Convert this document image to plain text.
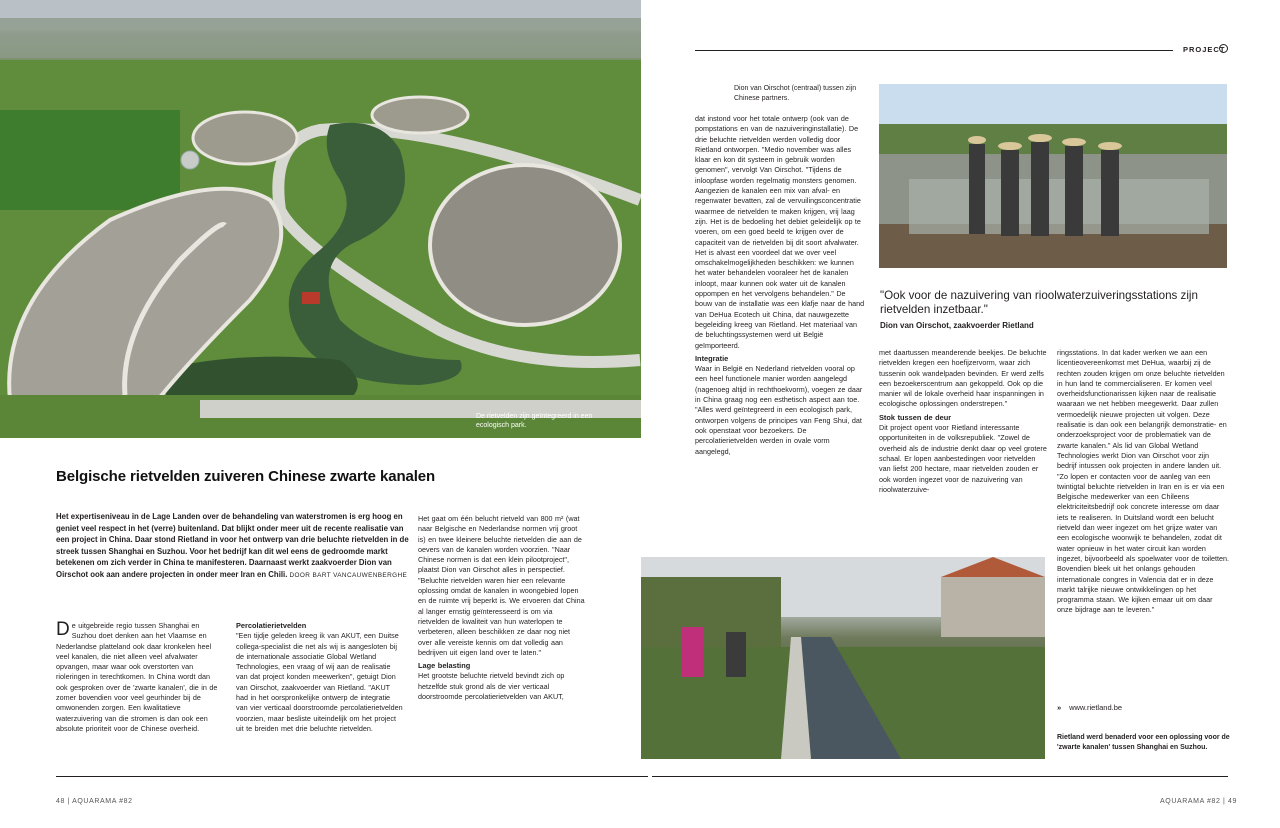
De rietvelden zijn geïntegreerd in een ecologisch park.
PROJECT
Belgische rietvelden zuiveren Chinese zwarte kanalen
Het expertiseniveau in de Lage Landen over de behandeling van waterstromen is erg hoog en geniet veel respect in het (verre) buitenland. Dat blijkt onder meer uit de recente realisatie van een project in China. Daar stond Rietland in voor het ontwerp van drie beluchte rietvelden in de streek tussen Shanghai en Suzhou. Voor het bedrijf kan dit wel eens de gedroomde markt betekenen om zich verder in China te manifesteren. Daarnaast werkt zaakvoerder Dion van Oirschot ook aan andere projecten in onder meer Iran en Chili. DOOR BART VANCAUWENBERGHE
D e uitgebreide regio tussen Shanghai en Suzhou doet denken aan het Vlaamse en Nederlandse platteland ook daar kronkelen heel veel kanalen, die niet alleen veel afvalwater opvangen, maar waar ook overstorten van rioleringen in terechtkomen. In China wordt dan ook gesproken over de 'zwarte kanalen', die in de zomer bovendien voor veel geurhinder bij de omwonenden zorgen. Een kwalitatieve waterzuivering van die stromen is dan ook een absolute prioriteit voor de Chinese overheid.
Percolatierietvelden
"Een tijdje geleden kreeg ik van AKUT, een Duitse collega-specialist die net als wij is aangesloten bij de internationale associatie Global Wetland Technologies, een vraag of wij aan de realisatie van dat project konden meewerken", getuigt Dion van Oirschot, zaakvoerder van Rietland. "AKUT had in het oorspronkelijke ontwerp de integratie van vier verticaal doorstroomde percolatierietvelden voorzien, maar besliste uiteindelijk om het project uit te breiden met drie beluchte rietvelden.
Het gaat om één belucht rietveld van 800 m² (wat naar Belgische en Nederlandse normen vrij groot is) en twee kleinere beluchte rietvelden die aan de oevers van de kanalen worden voorzien. "Naar Chinese normen is dat een klein pilootproject", plaatst Dion van Oirschot alles in perspectief. "Beluchte rietvelden waren hier een relevante oplossing omdat de kanalen in woongebied lopen en de ruimte vrij beperkt is. We ervoeren dat China al langer ernstig geïnteresseerd is om via rietvelden de kwaliteit van hun waterlopen te verbeteren, alleen beschikken ze daar nog niet over alle vereiste kennis om dat volledig aan bedrijven uit eigen land over te laten."
Lage belasting
Het grootste beluchte rietveld bevindt zich op hetzelfde stuk grond als de vier verticaal doorstroomde percolatierietvelden van AKUT,
Dion van Oirschot (centraal) tussen zijn Chinese partners.
dat instond voor het totale ontwerp (ook van de pompstations en van de nazuiveringinstallatie). De drie beluchte rietvelden werden volledig door Rietland ontworpen. "Medio november was alles klaar en kon dit systeem in gebruik worden genomen", vervolgt Van Oirschot. "Tijdens de inloopfase worden regelmatig monsters genomen. Aangezien de kanalen een mix van afval- en regenwater bevatten, zal de vervuilingsconcentratie waarmee de rietvelden te maken krijgen, vrij laag zijn. Het is de bedoeling het debiet geleidelijk op te voeren, om een goed beeld te krijgen over de capaciteit van de rietvelden bij dit soort afvalwater. Het is alvast een voordeel dat we over veel omschakelmogelijkheden beschikken: we kunnen het water behandelen vooraleer het de kanalen inloopt, maar kunnen ook water uit de kanalen oppompen en het vervolgens behandelen." De bouw van de installatie was een klafje naar de hand van DeHua Ecotech uit China, dat nauwgezette begeleiding kreeg van Rietland. Het materiaal van de beluchtingssystemen werd uit België geïmporteerd.
Integratie
Waar in België en Nederland rietvelden vooral op een heel functionele manier worden aangelegd (nagenoeg altijd in rechthoekvorm), voegen ze daar in China graag nog een esthetisch aspect aan toe. "Alles werd geïntegreerd in een ecologisch park, ontworpen volgens de principes van Feng Shui, dat ook openstaat voor bezoekers. De percolatierietvelden werden in ovale vorm aangelegd,
"Ook voor de nazuivering van rioolwaterzuiveringsstations zijn rietvelden inzetbaar."
Dion van Oirschot, zaakvoerder Rietland
met daartussen meanderende beekjes. De beluchte rietvelden kregen een hoefijzervorm, waar zich tussenin ook wandelpaden bevinden. Er werd zelfs een bezoekerscentrum aan gekoppeld. Ook op die manier wil de lokale overheid haar inspanningen in ecologische oplossingen onderstrepen."
Stok tussen de deur
Dit project opent voor Rietland interessante opportuniteiten in de volksrepubliek. "Zowel de overheid als de industrie denkt daar op veel grotere schaal. Er lopen aanbestedingen voor rietvelden van liefst 200 hectare, maar rietvelden zouden er ook worden ingezet voor de nazuivering van rioolwaterzuive-
ringsstations. In dat kader werken we aan een licentieovereenkomst met DeHua, waarbij zij de rechten zouden krijgen om onze beluchte rietvelden in hun land te commercialiseren. Er komen veel overheidsfunctionarissen kijken naar de realisatie waaraan we net hebben meegewerkt. Daar zullen vermoedelijk nieuwe projecten uit volgen. Deze realisatie is dan ook een belangrijk demonstratie- en onderzoeksproject voor de problematiek van de zwarte kanalen." Als lid van Global Wetland Technologies werkt Dion van Oirschot voor zijn bedrijf intussen ook projecten in andere landen uit. "Zo lopen er contacten voor de aanleg van een twintigtal beluchte rietvelden in Iran en is er via een Belgische medewerker van een Chileens elektriciteitsbedrijf ook concrete interesse om daar iets te realiseren. In Duitsland wordt een belucht rietveld dan weer ingezet om het grijze water van een ecologische woonwijk te behandelen, zodat dit water opnieuw in het water circuit kan worden ingezet, bijvoorbeeld als spoelwater voor de toiletten. Bovendien bleek uit het onlangs gehouden internationale congres in Valencia dat er in deze markt talrijke nieuwe ontwikkelingen op het programma staan. We kijken ernaar uit om daar onze bijdrage aan te leveren."
» www.rietland.be
Rietland werd benaderd voor een oplossing voor de 'zwarte kanalen' tussen Shanghai en Suzhou.
48 | AQUARAMA #82	AQUARAMA #82 | 49
